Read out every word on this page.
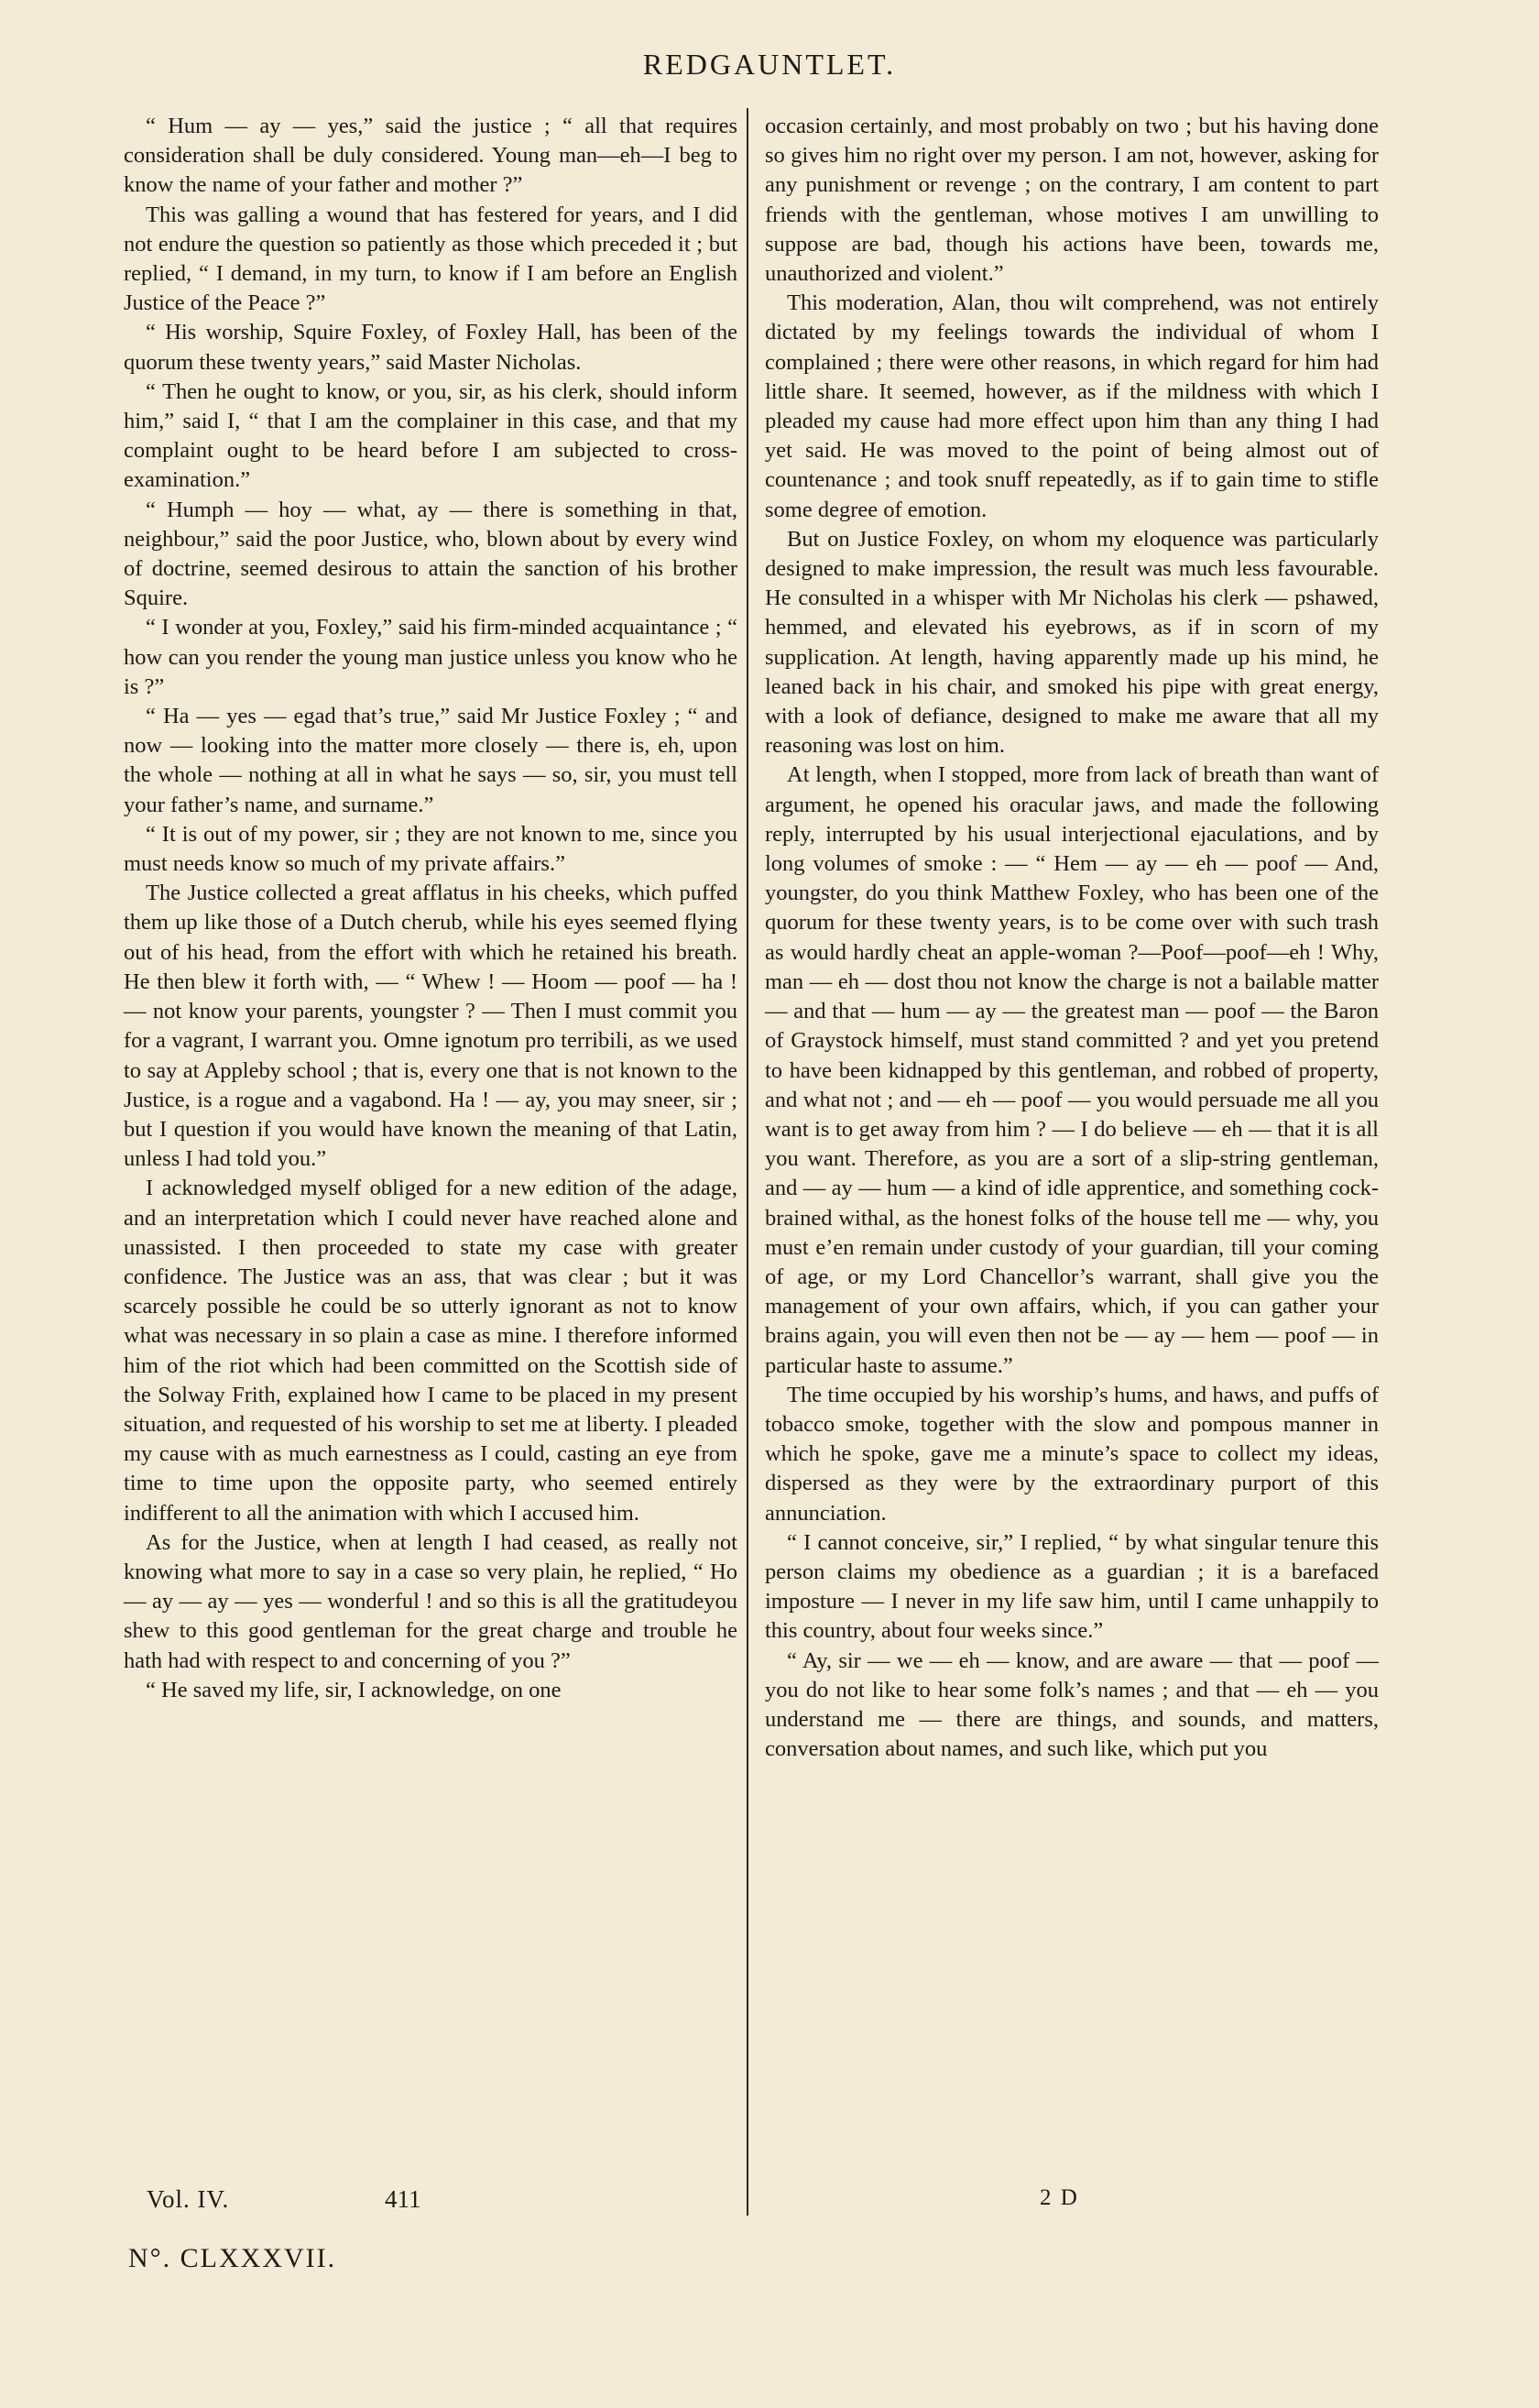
REDGAUNTLET.

“ Hum — ay — yes,” said the justice ; “ all that requires consideration shall be duly considered. Young man—eh—I beg to know the name of your father and mother ?”

This was galling a wound that has festered for years, and I did not endure the question so patiently as those which preceded it ; but replied, “ I demand, in my turn, to know if I am before an English Justice of the Peace ?”

“ His worship, Squire Foxley, of Foxley Hall, has been of the quorum these twenty years,” said Master Nicholas.

“ Then he ought to know, or you, sir, as his clerk, should inform him,” said I, “ that I am the complainer in this case, and that my complaint ought to be heard before I am subjected to cross-examination.”

“ Humph — hoy — what, ay — there is something in that, neighbour,” said the poor Justice, who, blown about by every wind of doctrine, seemed desirous to attain the sanction of his brother Squire.

“ I wonder at you, Foxley,” said his firm-minded acquaintance ; “ how can you render the young man justice unless you know who he is ?”

“ Ha — yes — egad that’s true,” said Mr Justice Foxley ; “ and now — looking into the matter more closely — there is, eh, upon the whole — nothing at all in what he says — so, sir, you must tell your father’s name, and surname.”

“ It is out of my power, sir ; they are not known to me, since you must needs know so much of my private affairs.”

The Justice collected a great afflatus in his cheeks, which puffed them up like those of a Dutch cherub, while his eyes seemed flying out of his head, from the effort with which he retained his breath. He then blew it forth with, — “ Whew ! — Hoom — poof — ha ! — not know your parents, youngster ? — Then I must commit you for a vagrant, I warrant you. Omne ignotum pro terribili, as we used to say at Appleby school ; that is, every one that is not known to the Justice, is a rogue and a vagabond. Ha ! — ay, you may sneer, sir ; but I question if you would have known the meaning of that Latin, unless I had told you.”

I acknowledged myself obliged for a new edition of the adage, and an interpretation which I could never have reached alone and unassisted. I then proceeded to state my case with greater confidence. The Justice was an ass, that was clear ; but it was scarcely possible he could be so utterly ignorant as not to know what was necessary in so plain a case as mine. I therefore informed him of the riot which had been committed on the Scottish side of the Solway Frith, explained how I came to be placed in my present situation, and requested of his worship to set me at liberty. I pleaded my cause with as much earnestness as I could, casting an eye from time to time upon the opposite party, who seemed entirely indifferent to all the animation with which I accused him.

As for the Justice, when at length I had ceased, as really not knowing what more to say in a case so very plain, he replied, “ Ho — ay — ay — yes — wonderful ! and so this is all the gratitudeyou shew to this good gentleman for the great charge and trouble he hath had with respect to and concerning of you ?”

“ He saved my life, sir, I acknowledge, on one

occasion certainly, and most probably on two ; but his having done so gives him no right over my person. I am not, however, asking for any punishment or revenge ; on the contrary, I am content to part friends with the gentleman, whose motives I am unwilling to suppose are bad, though his actions have been, towards me, unauthorized and violent.”

This moderation, Alan, thou wilt comprehend, was not entirely dictated by my feelings towards the individual of whom I complained ; there were other reasons, in which regard for him had little share. It seemed, however, as if the mildness with which I pleaded my cause had more effect upon him than any thing I had yet said. He was moved to the point of being almost out of countenance ; and took snuff repeatedly, as if to gain time to stifle some degree of emotion.

But on Justice Foxley, on whom my eloquence was particularly designed to make impression, the result was much less favourable. He consulted in a whisper with Mr Nicholas his clerk — pshawed, hemmed, and elevated his eyebrows, as if in scorn of my supplication. At length, having apparently made up his mind, he leaned back in his chair, and smoked his pipe with great energy, with a look of defiance, designed to make me aware that all my reasoning was lost on him.

At length, when I stopped, more from lack of breath than want of argument, he opened his oracular jaws, and made the following reply, interrupted by his usual interjectional ejaculations, and by long volumes of smoke : — “ Hem — ay — eh — poof — And, youngster, do you think Matthew Foxley, who has been one of the quorum for these twenty years, is to be come over with such trash as would hardly cheat an apple-woman ?—Poof—poof—eh ! Why, man — eh — dost thou not know the charge is not a bailable matter — and that — hum — ay — the greatest man — poof — the Baron of Graystock himself, must stand committed ? and yet you pretend to have been kidnapped by this gentleman, and robbed of property, and what not ; and — eh — poof — you would persuade me all you want is to get away from him ? — I do believe — eh — that it is all you want. Therefore, as you are a sort of a slip-string gentleman, and — ay — hum — a kind of idle apprentice, and something cock-brained withal, as the honest folks of the house tell me — why, you must e’en remain under custody of your guardian, till your coming of age, or my Lord Chancellor’s warrant, shall give you the management of your own affairs, which, if you can gather your brains again, you will even then not be — ay — hem — poof — in particular haste to assume.”

The time occupied by his worship’s hums, and haws, and puffs of tobacco smoke, together with the slow and pompous manner in which he spoke, gave me a minute’s space to collect my ideas, dispersed as they were by the extraordinary purport of this annunciation.

“ I cannot conceive, sir,” I replied, “ by what singular tenure this person claims my obedience as a guardian ; it is a barefaced imposture — I never in my life saw him, until I came unhappily to this country, about four weeks since.”

“ Ay, sir — we — eh — know, and are aware — that — poof — you do not like to hear some folk’s names ; and that — eh — you understand me — there are things, and sounds, and matters, conversation about names, and such like, which put you

Vol. IV.	411	2 D
N°. CLXXXVII.
